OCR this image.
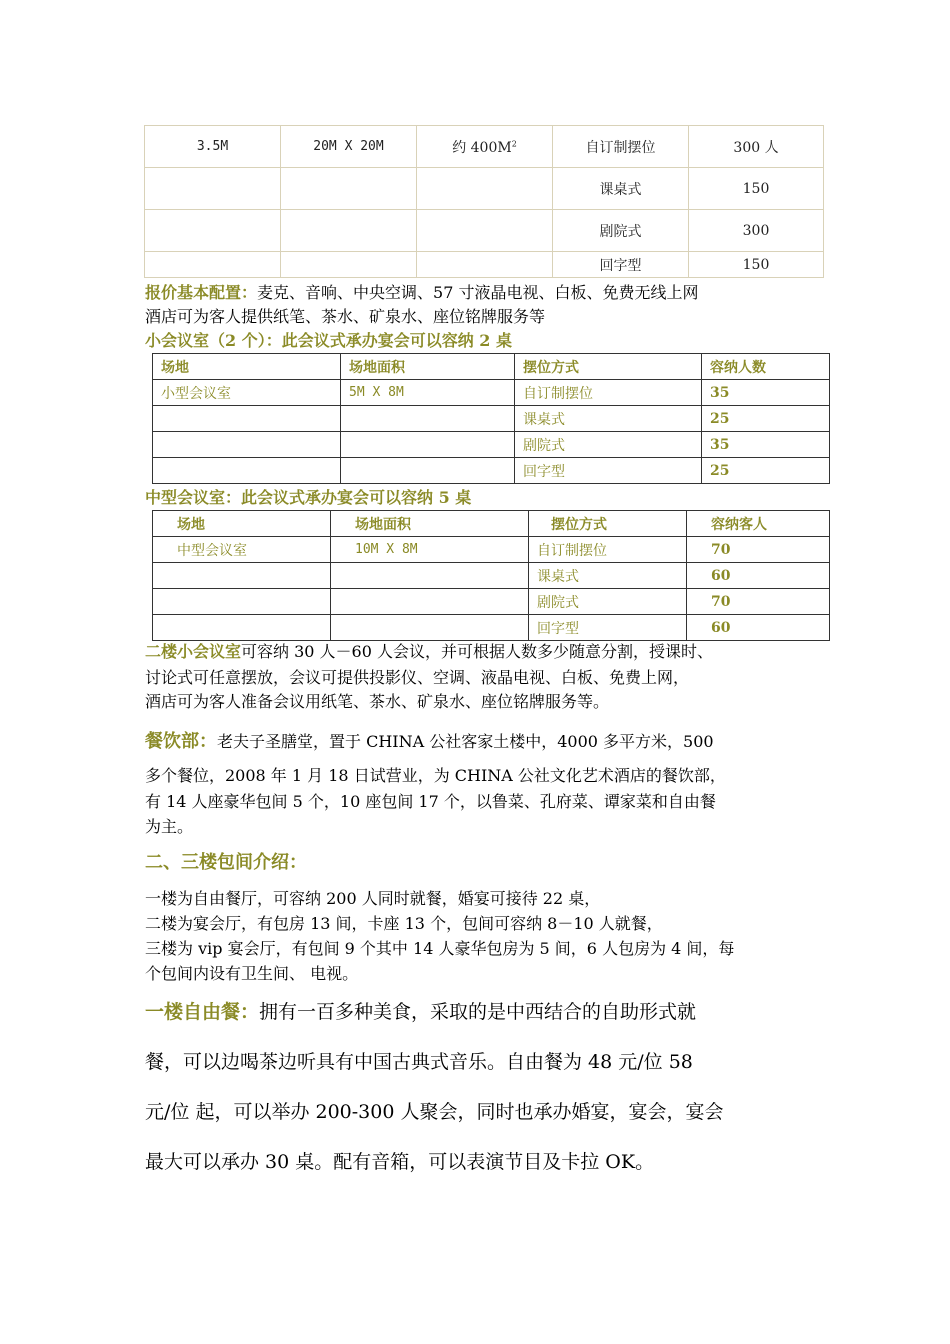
3.5M	20M X 20M	约 $400M^2$	自订制摆位	300 人
			课桌式	150
			剧院式	300
			回字型	150
报价基本配置：麦克、音响、中央空调、57 寸液晶电视、白板、免费无线上网
酒店可为客人提供纸笔、茶水、矿泉水、座位铭牌服务等
小会议室（2 个）：此会议式承办宴会可以容纳 2 桌
场地	场地面积	摆位方式	容纳人数
小型会议室	5M X 8M	自订制摆位	35
		课桌式	25
		剧院式	35
		回字型	25
中型会议室：此会议式承办宴会可以容纳 5 桌
场地	场地面积	摆位方式	容纳客人
中型会议室	10M X 8M	自订制摆位	70
		课桌式	60
		剧院式	70
		回字型	60
二楼小会议室可容纳 30 人－60 人会议，并可根据人数多少随意分割，授课时、
讨论式可任意摆放，会议可提供投影仪、空调、液晶电视、白板、免费上网，
酒店可为客人准备会议用纸笔、茶水、矿泉水、座位铭牌服务等。
餐饮部：老夫子圣膳堂，置于 CHINA 公社客家土楼中，4000 多平方米，500
多个餐位，2008 年 1 月 18 日试营业，为 CHINA 公社文化艺术酒店的餐饮部，
有 14 人座豪华包间 5 个，10 座包间 17 个，以鲁菜、孔府菜、谭家菜和自由餐
为主。
二、三楼包间介绍：
一楼为自由餐厅，可容纳 200 人同时就餐，婚宴可接待 22 桌，
二楼为宴会厅，有包房 13 间，卡座 13 个，包间可容纳 8－10 人就餐，
三楼为 vip 宴会厅，有包间 9 个其中 14 人豪华包房为 5 间，6 人包房为 4 间，每
个包间内设有卫生间、 电视。
一楼自由餐：拥有一百多种美食，采取的是中西结合的自助形式就
餐，可以边喝茶边听具有中国古典式音乐。自由餐为 48 元/位 58
元/位 起，可以举办 200-300 人聚会，同时也承办婚宴，宴会，宴会
最大可以承办 30 桌。配有音箱，可以表演节目及卡拉 OK。
